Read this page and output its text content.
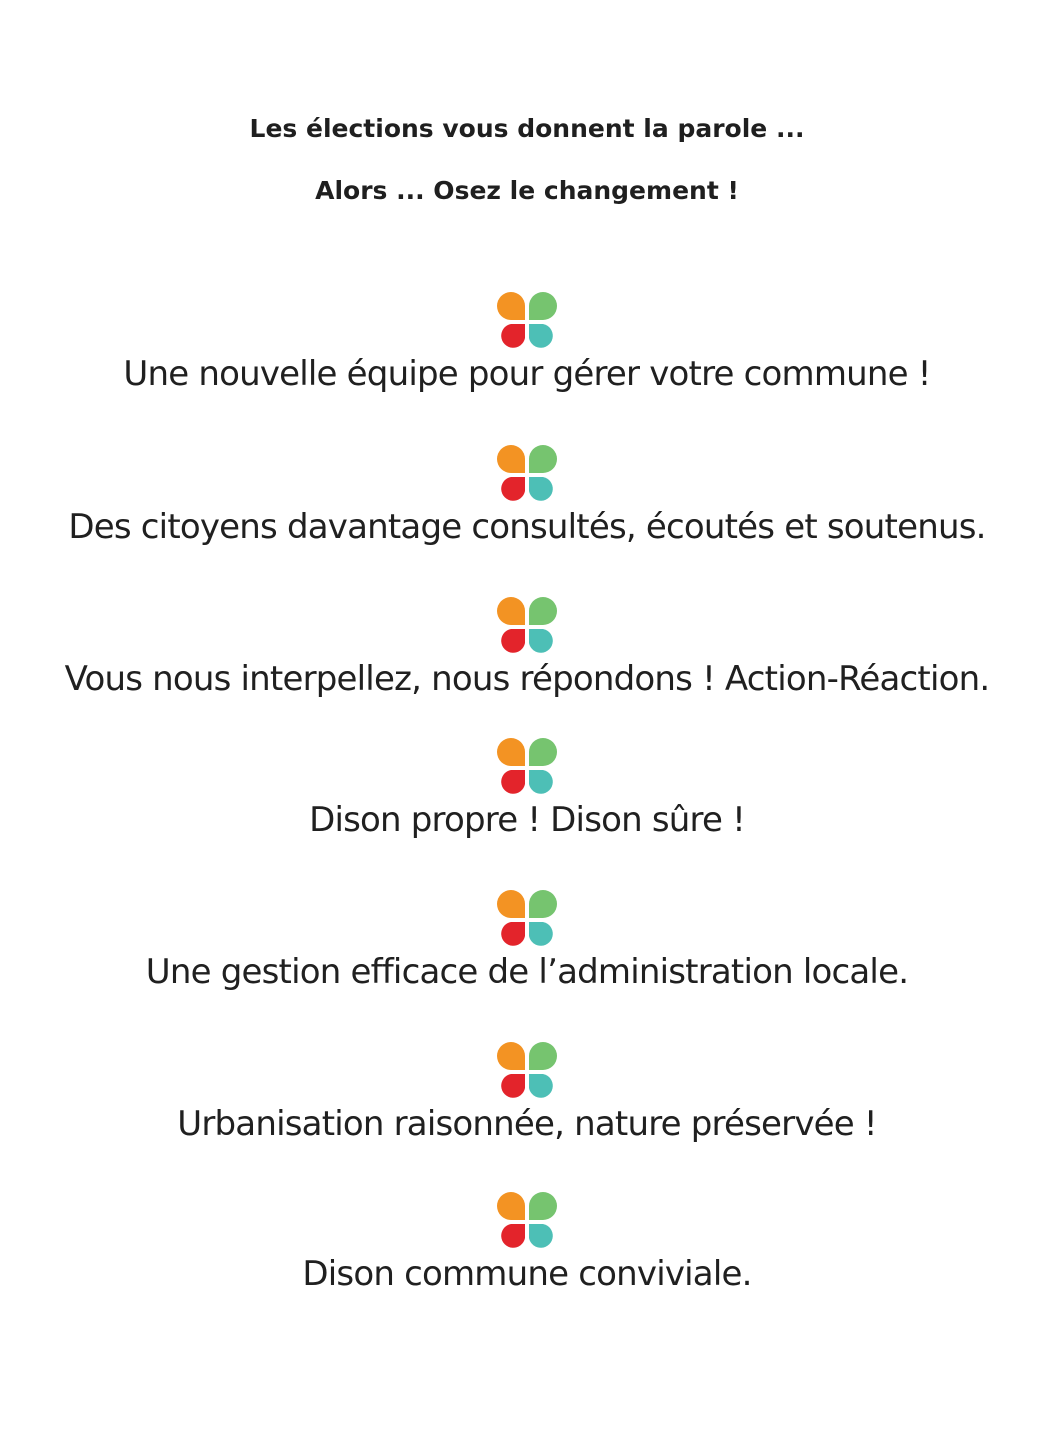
Les élections vous donnent la parole ...
Alors ... Osez le changement !
Une nouvelle équipe pour gérer votre commune !
Des citoyens davantage consultés, écoutés et soutenus.
Vous nous interpellez, nous répondons ! Action-Réaction.
Dison propre ! Dison sûre !
Une gestion efficace de l’administration locale.
Urbanisation raisonnée, nature préservée !
Dison commune conviviale.
